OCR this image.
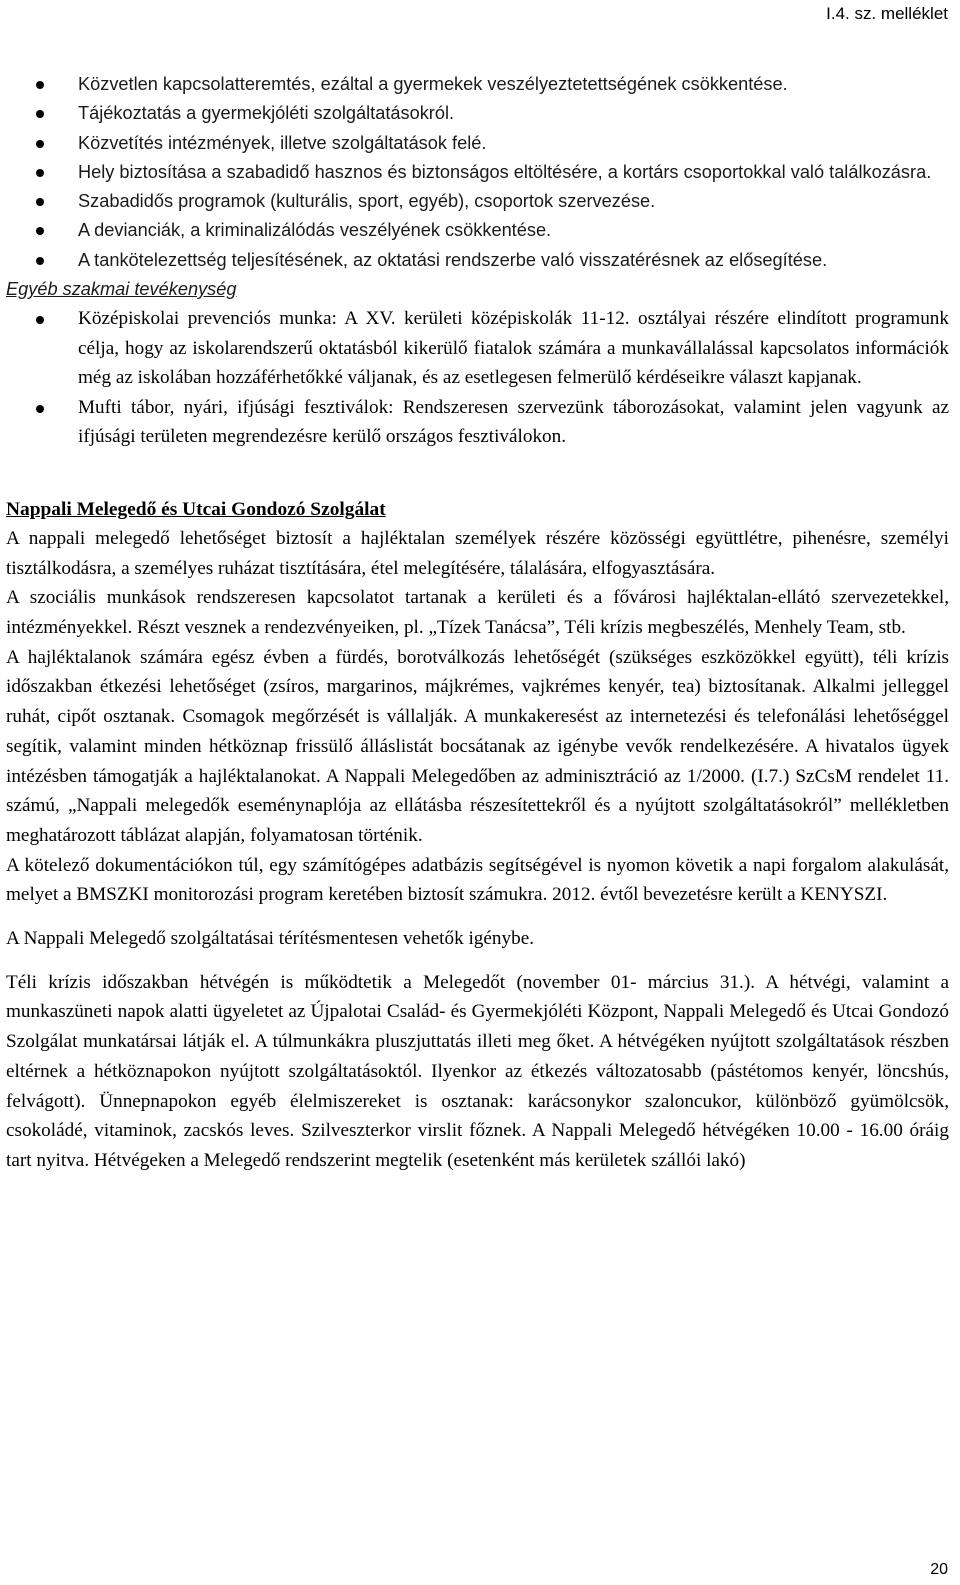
I.4. sz. melléklet
Közvetlen kapcsolatteremtés, ezáltal a gyermekek veszélyeztetettségének csökkentése.
Tájékoztatás a gyermekjóléti szolgáltatásokról.
Közvetítés intézmények, illetve szolgáltatások felé.
Hely biztosítása a szabadidő hasznos és biztonságos eltöltésére, a kortárs csoportokkal való találkozásra.
Szabadidős programok (kulturális, sport, egyéb), csoportok szervezése.
A devianciák, a kriminalizálódás veszélyének csökkentése.
A tankötelezettség teljesítésének, az oktatási rendszerbe való visszatérésnek az elősegítése.
Egyéb szakmai tevékenység
Középiskolai prevenciós munka: A XV. kerületi középiskolák 11-12. osztályai részére elindított programunk célja, hogy az iskolarendszerű oktatásból kikerülő fiatalok számára a munkavállalással kapcsolatos információk még az iskolában hozzáférhetőkké váljanak, és az esetlegesen felmerülő kérdéseikre választ kapjanak.
Mufti tábor, nyári, ifjúsági fesztiválok: Rendszeresen szervezünk táborozásokat, valamint jelen vagyunk az ifjúsági területen megrendezésre kerülő országos fesztiválokon.
Nappali Melegedő és Utcai Gondozó Szolgálat

A nappali melegedő lehetőséget biztosít a hajléktalan személyek részére közösségi együttlétre, pihenésre, személyi tisztálkodásra, a személyes ruházat tisztítására, étel melegítésére, tálalására, elfogyasztására.

A szociális munkások rendszeresen kapcsolatot tartanak a kerületi és a fővárosi hajléktalan-ellátó szervezetekkel, intézményekkel. Részt vesznek a rendezvényeiken, pl. „Tízek Tanácsa”, Téli krízis megbeszélés, Menhely Team, stb.

A hajléktalanok számára egész évben a fürdés, borotválkozás lehetőségét (szükséges eszközökkel együtt), téli krízis időszakban étkezési lehetőséget (zsíros, margarinos, májkrémes, vajkrémes kenyér, tea) biztosítanak. Alkalmi jelleggel ruhát, cipőt osztanak. Csomagok megőrzését is vállalják. A munkakeresést az internetezési és telefonálási lehetőséggel segítik, valamint minden hétköznap frissülő álláslistát bocsátanak az igénybe vevők rendelkezésére. A hivatalos ügyek intézésben támogatják a hajléktalanokat. A Nappali Melegedőben az adminisztráció az 1/2000. (I.7.) SzCsM rendelet 11. számú, „Nappali melegedők eseménynaplója az ellátásba részesítettekről és a nyújtott szolgáltatásokról” mellékletben meghatározott táblázat alapján, folyamatosan történik.

A kötelező dokumentációkon túl, egy számítógépes adatbázis segítségével is nyomon követik a napi forgalom alakulását, melyet a BMSZKI monitorozási program keretében biztosít számukra. 2012. évtől bevezetésre került a KENYSZI.

A Nappali Melegedő szolgáltatásai térítésmentesen vehetők igénybe.

Téli krízis időszakban hétvégén is működtetik a Melegedőt (november 01- március 31.). A hétvégi, valamint a munkaszüneti napok alatti ügyeletet az Újpalotai Család- és Gyermekjóléti Központ, Nappali Melegedő és Utcai Gondozó Szolgálat munkatársai látják el. A túlmunkákra pluszjuttatás illeti meg őket. A hétvégéken nyújtott szolgáltatások részben eltérnek a hétköznapokon nyújtott szolgáltatásoktól. Ilyenkor az étkezés változatosabb (pástétomos kenyér, löncshús, felvágott). Ünnepnapokon egyéb élelmiszereket is osztanak: karácsonykor szaloncukor, különböző gyümölcsök, csokoládé, vitaminok, zacskós leves. Szilveszterkor virslit főznek. A Nappali Melegedő hétvégéken 10.00 - 16.00 óráig tart nyitva. Hétvégeken a Melegedő rendszerint megtelik (esetenként más kerületek szállói lakó)

20
